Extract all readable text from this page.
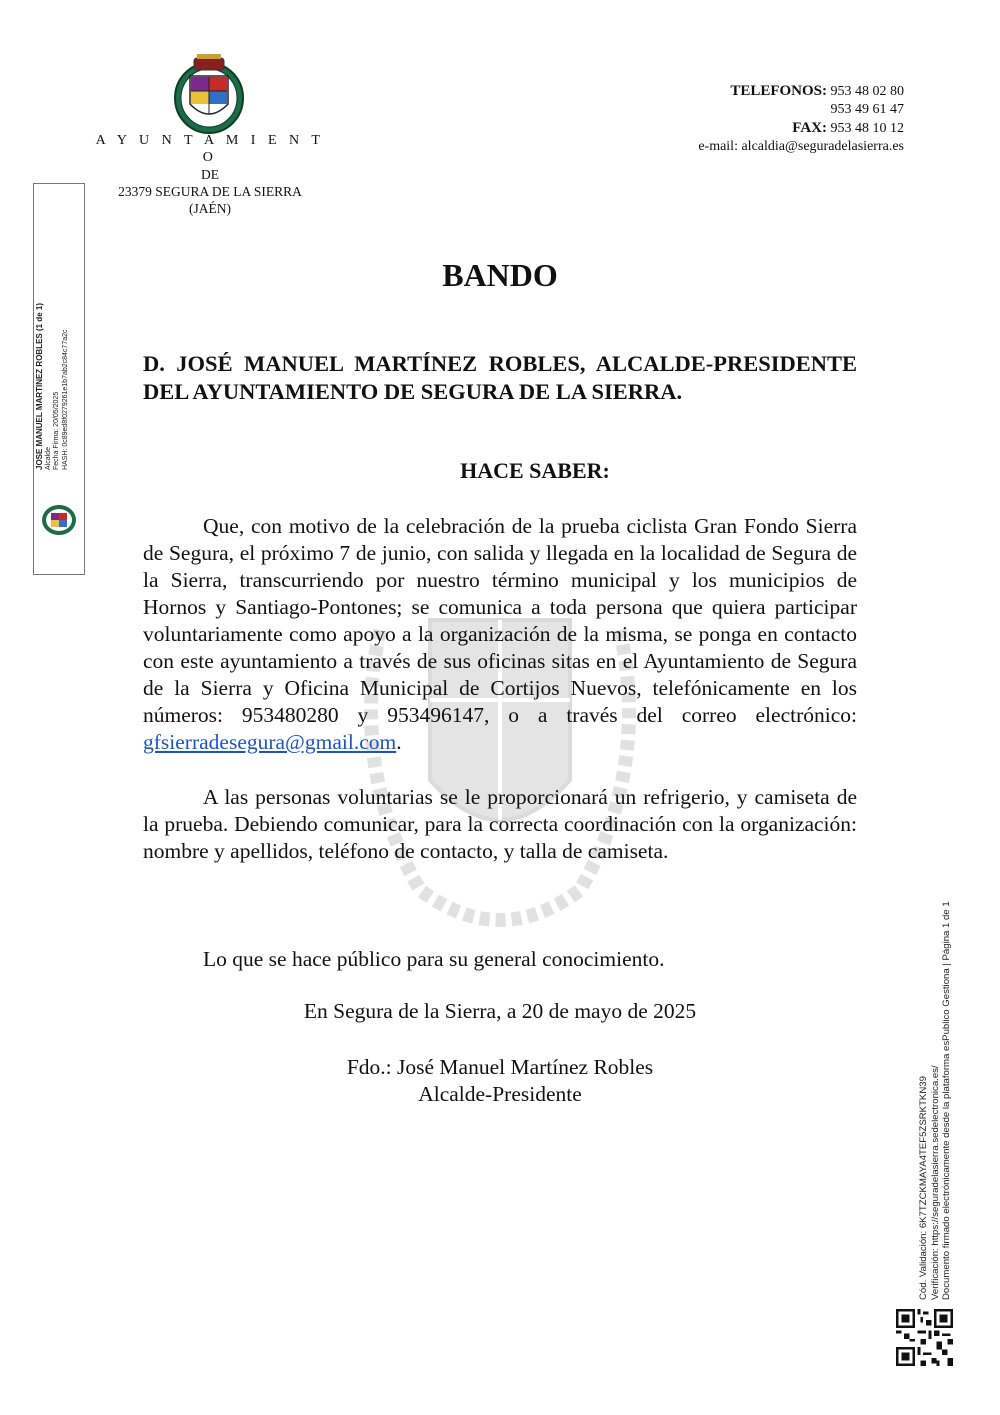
A Y U N T A M I E N T O
DE
23379 SEGURA DE LA SIERRA
(JAÉN)
TELEFONOS: 953 48 02 80
953 49 61 47
FAX: 953 48 10 12
e-mail: alcaldia@seguradelasierra.es
JOSE MANUEL MARTINEZ ROBLES (1 de 1) Alcalde Fecha Firma: 20/05/2025 HASH: 0c89ed8f0279261e1b7ab2c84c77a2c
BANDO
D. JOSÉ MANUEL MARTÍNEZ ROBLES, ALCALDE-PRESIDENTE DEL AYUNTAMIENTO DE SEGURA DE LA SIERRA.
HACE SABER:
Que, con motivo de la celebración de la prueba ciclista Gran Fondo Sierra de Segura, el próximo 7 de junio, con salida y llegada en la localidad de Segura de la Sierra, transcurriendo por nuestro término municipal y los municipios de Hornos y Santiago-Pontones; se comunica a toda persona que quiera participar voluntariamente como apoyo a la organización de la misma, se ponga en contacto con este ayuntamiento a través de sus oficinas sitas en el Ayuntamiento de Segura de la Sierra y Oficina Municipal de Cortijos Nuevos, telefónicamente en los números: 953480280 y 953496147, o a través del correo electrónico: gfsierradesegura@gmail.com.
A las personas voluntarias se le proporcionará un refrigerio, y camiseta de la prueba. Debiendo comunicar, para la correcta coordinación con la organización: nombre y apellidos, teléfono de contacto, y talla de camiseta.
Lo que se hace público para su general conocimiento.
En Segura de la Sierra, a 20 de mayo de 2025
Fdo.: José Manuel Martínez Robles
Alcalde-Presidente	Cód. Validación: 6K7TZCKMAYA4TEF5ZSRKTKN39 Verificación: https://seguradelasierra.sedelectronica.es/ Documento firmado electrónicamente desde la plataforma esPublico Gestiona | Página 1 de 1
